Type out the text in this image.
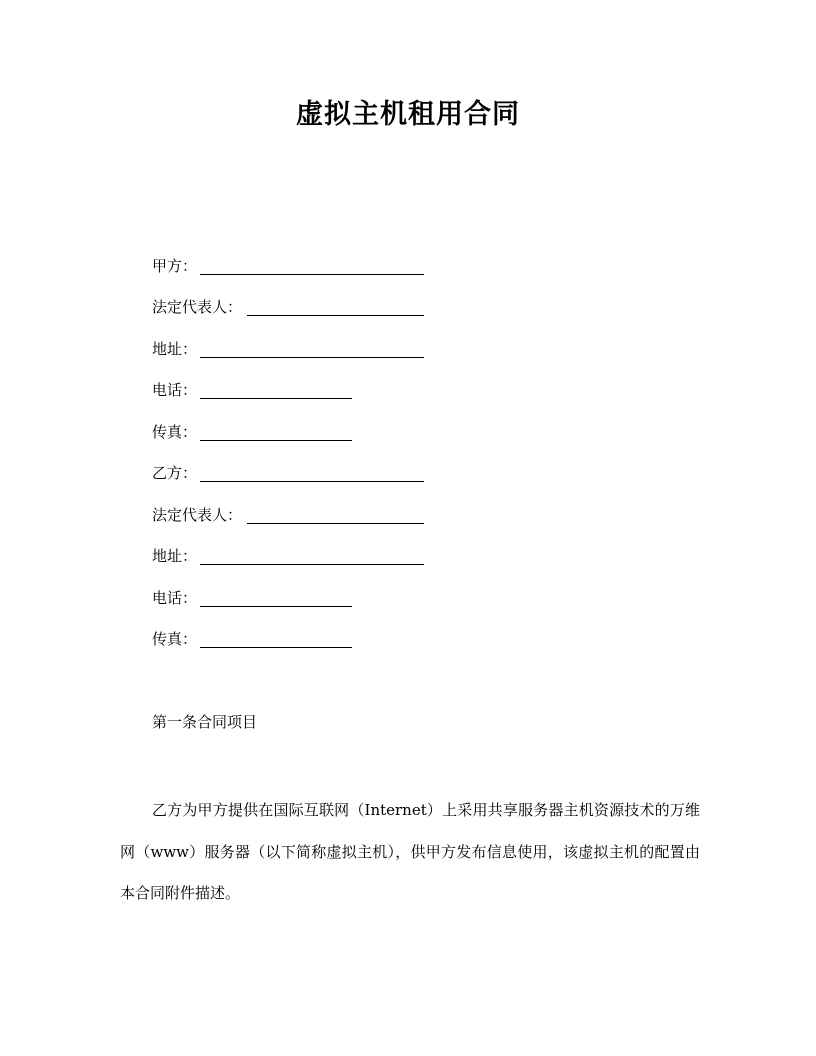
虚拟主机租用合同
甲方：
法定代表人：
地址：
电话：
传真：
乙方：
法定代表人：
地址：
电话：
传真：
第一条合同项目

乙方为甲方提供在国际互联网（Internet）上采用共享服务器主机资源技术的万维网（www）服务器（以下简称虚拟主机），供甲方发布信息使用，该虚拟主机的配置由本合同附件描述。
